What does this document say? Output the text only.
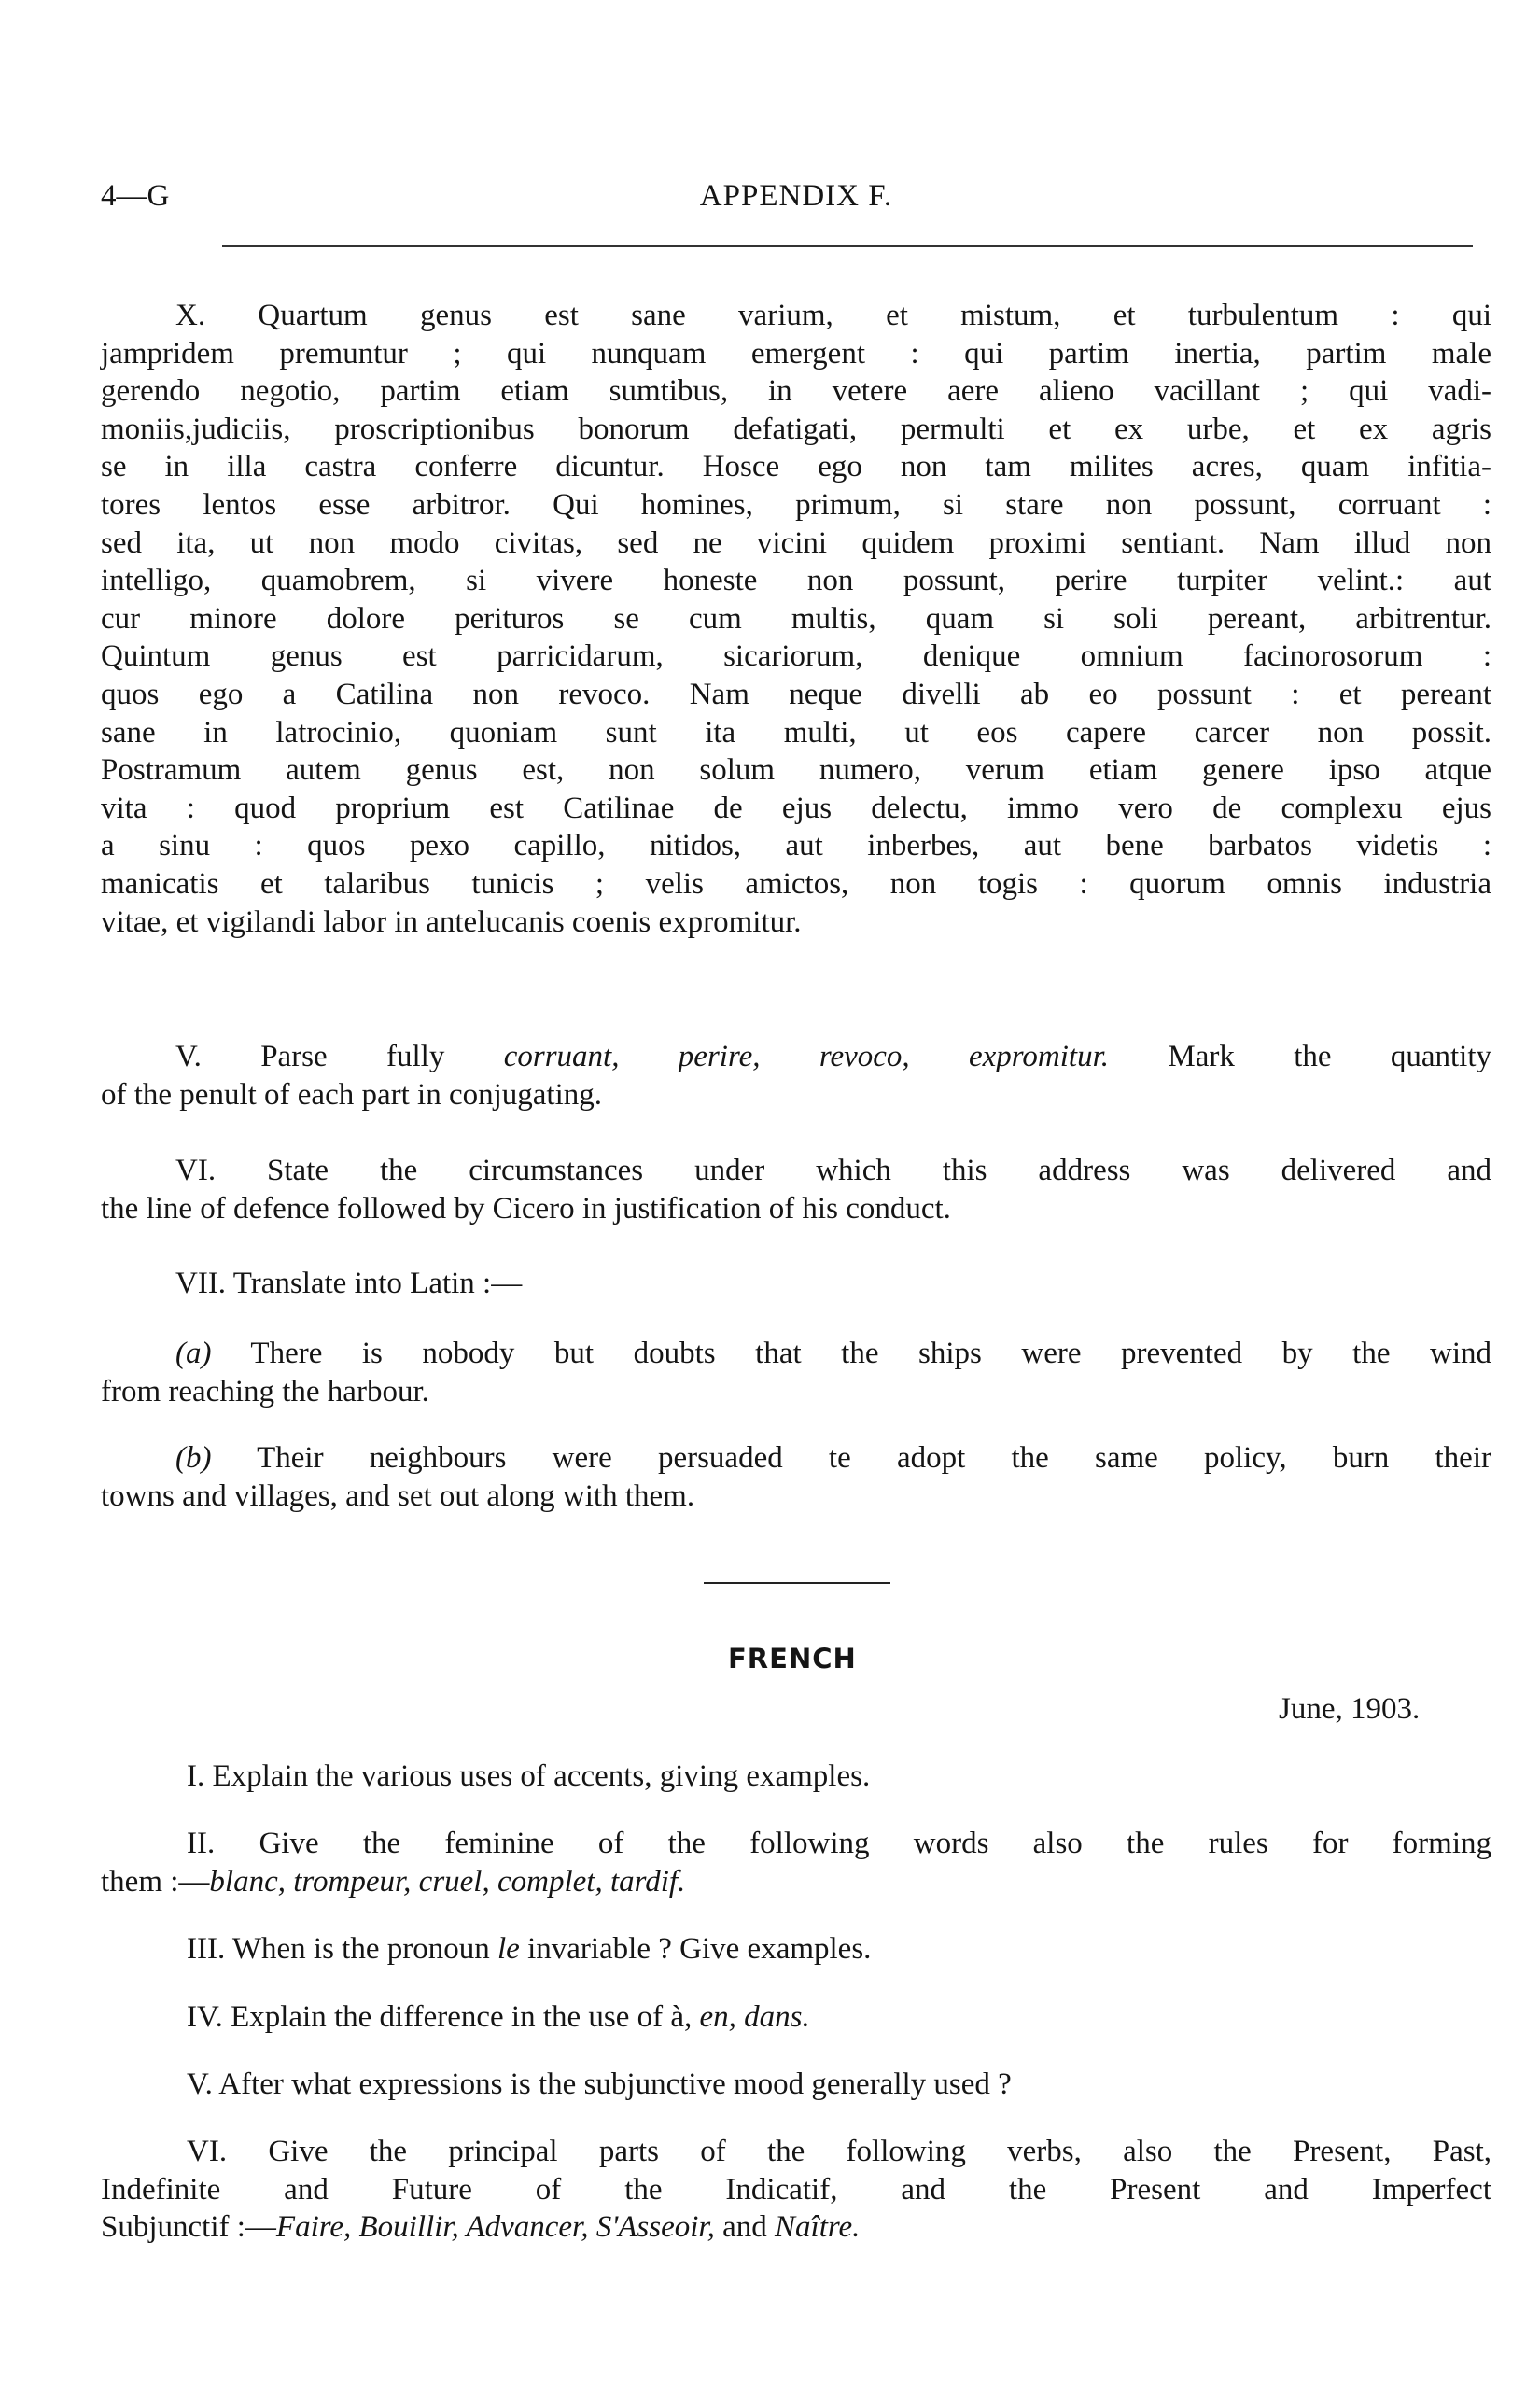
4—G	APPENDIX F.
X. Quartum genus est sane varium, et mistum, et turbulentum : qui
jampridem premuntur ; qui nunquam emergent : qui partim inertia, partim male
gerendo negotio, partim etiam sumtibus, in vetere aere alieno vacillant ; qui vadi-
moniis,judiciis, proscriptionibus bonorum defatigati, permulti et ex urbe, et ex agris
se in illa castra conferre dicuntur. Hosce ego non tam milites acres, quam infitia-
tores lentos esse arbitror. Qui homines, primum, si stare non possunt, corruant :
sed ita, ut non modo civitas, sed ne vicini quidem proximi sentiant. Nam illud non
intelligo, quamobrem, si vivere honeste non possunt, perire turpiter velint.: aut
cur minore dolore perituros se cum multis, quam si soli pereant, arbitrentur.
Quintum genus est parricidarum, sicariorum, denique omnium facinorosorum :
quos ego a Catilina non revoco. Nam neque divelli ab eo possunt : et pereant
sane in latrocinio, quoniam sunt ita multi, ut eos capere carcer non possit.
Postramum autem genus est, non solum numero, verum etiam genere ipso atque
vita : quod proprium est Catilinae de ejus delectu, immo vero de complexu ejus
a sinu : quos pexo capillo, nitidos, aut inberbes, aut bene barbatos videtis :
manicatis et talaribus tunicis ; velis amictos, non togis : quorum omnis industria
vitae, et vigilandi labor in antelucanis coenis expromitur.
V. Parse fully corruant, perire, revoco, expromitur. Mark the quantity
of the penult of each part in conjugating.
VI. State the circumstances under which this address was delivered and
the line of defence followed by Cicero in justification of his conduct.
VII. Translate into Latin :—
(a) There is nobody but doubts that the ships were prevented by the wind
from reaching the harbour.
(b) Their neighbours were persuaded te adopt the same policy, burn their
towns and villages, and set out along with them.
FRENCH
June, 1903.
I. Explain the various uses of accents, giving examples.
II. Give the feminine of the following words also the rules for forming
them :—blanc, trompeur, cruel, complet, tardif.
III. When is the pronoun le invariable ? Give examples.
IV. Explain the difference in the use of à, en, dans.
V. After what expressions is the subjunctive mood generally used ?
VI. Give the principal parts of the following verbs, also the Present, Past,
Indefinite and Future of the Indicatif, and the Present and Imperfect
Subjunctif :—Faire, Bouillir, Advancer, S'Asseoir, and Naître.
